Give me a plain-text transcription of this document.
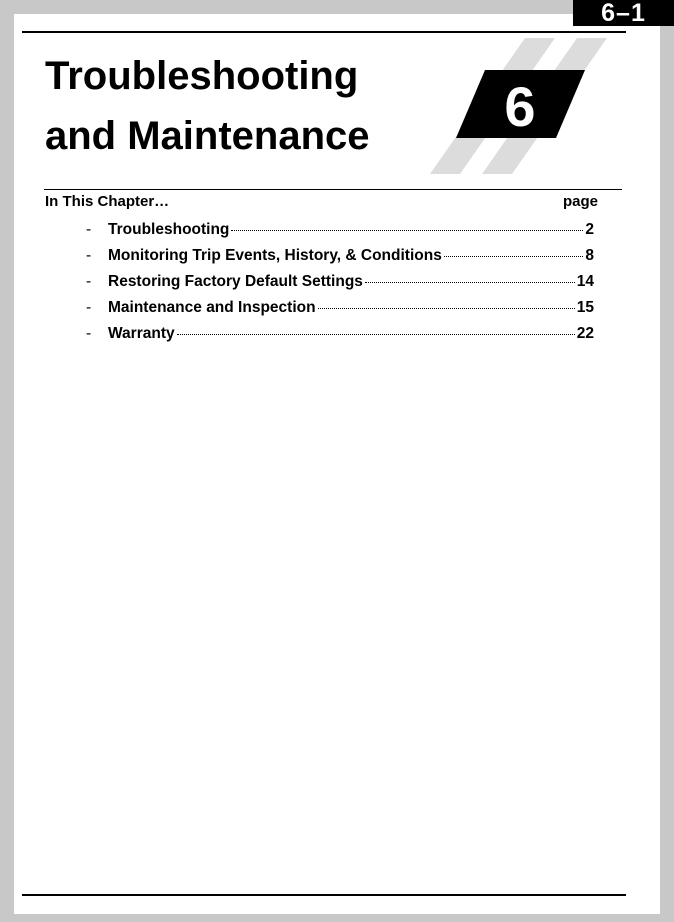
6–1
Troubleshooting
and Maintenance 6
In This Chapter…	page
- Troubleshooting	2
- Monitoring Trip Events, History, & Conditions	8
- Restoring Factory Default Settings	14
- Maintenance and Inspection	15
- Warranty	22
